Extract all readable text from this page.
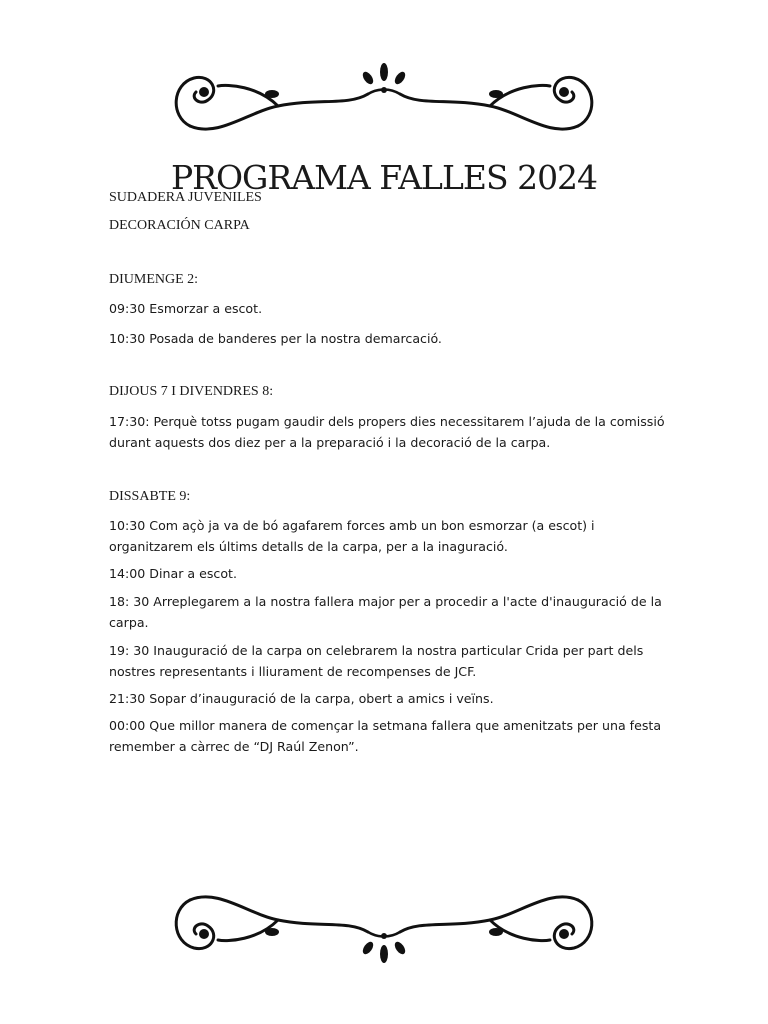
PROGRAMA FALLES 2024

SUDADERA JUVENILES

DECORACIÓN CARPA

DIUMENGE 2:

09:30 Esmorzar a escot.

10:30 Posada de banderes per la nostra demarcació.

DIJOUS 7 I DIVENDRES 8:

17:30: Perquè totss pugam gaudir dels propers dies necessitarem l’ajuda de la comissió durant aquests dos diez per a la preparació i la decoració de la carpa.

DISSABTE 9:

10:30 Com açò ja va de bó agafarem forces amb un bon esmorzar (a escot) i organitzarem els últims detalls de la carpa, per a la inaguració.

14:00 Dinar a escot.

18: 30 Arreplegarem a la nostra fallera major per a procedir a l'acte d'inauguració de la carpa.

19: 30 Inauguració de la carpa on celebrarem la nostra particular Crida per part dels nostres representants i lliurament de recompenses de JCF.

21:30 Sopar d’inauguració de la carpa, obert a amics i veïns.

00:00 Que millor manera de començar la setmana fallera que amenitzats per una festa remember a càrrec de “DJ Raúl Zenon”.
